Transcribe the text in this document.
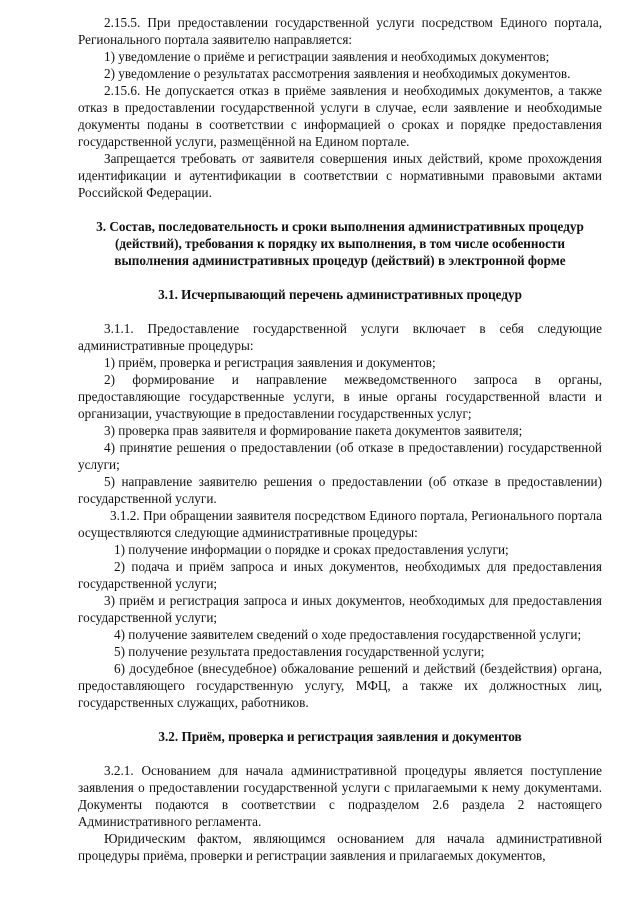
2.15.5. При предоставлении государственной услуги посредством Единого портала, Регионального портала заявителю направляется:

1) уведомление о приёме и регистрации заявления и необходимых документов;

2) уведомление о результатах рассмотрения заявления и необходимых документов.

2.15.6. Не допускается отказ в приёме заявления и необходимых документов, а также отказ в предоставлении государственной услуги в случае, если заявление и необходимые документы поданы в соответствии с информацией о сроках и порядке предоставления государственной услуги, размещённой на Едином портале.

Запрещается требовать от заявителя совершения иных действий, кроме прохождения идентификации и аутентификации в соответствии с нормативными правовыми актами Российской Федерации.

3. Состав, последовательность и сроки выполнения административных процедур (действий), требования к порядку их выполнения, в том числе особенности выполнения административных процедур (действий) в электронной форме

3.1. Исчерпывающий перечень административных процедур

3.1.1. Предоставление государственной услуги включает в себя следующие административные процедуры:

1) приём, проверка и регистрация заявления и документов;

2) формирование и направление межведомственного запроса в органы, предоставляющие государственные услуги, в иные органы государственной власти и организации, участвующие в предоставлении государственных услуг;

3) проверка прав заявителя и формирование пакета документов заявителя;

4) принятие решения о предоставлении (об отказе в предоставлении) государственной услуги;

5) направление заявителю решения о предоставлении (об отказе в предоставлении) государственной услуги.

3.1.2. При обращении заявителя посредством Единого портала, Регионального портала осуществляются следующие административные процедуры:

1) получение информации о порядке и сроках предоставления услуги;

2) подача и приём запроса и иных документов, необходимых для предоставления государственной услуги;

3) приём и регистрация запроса и иных документов, необходимых для предоставления государственной услуги;

4) получение заявителем сведений о ходе предоставления государственной услуги;

5) получение результата предоставления государственной услуги;

6) досудебное (внесудебное) обжалование решений и действий (бездействия) органа, предоставляющего государственную услугу, МФЦ, а также их должностных лиц, государственных служащих, работников.

3.2. Приём, проверка и регистрация заявления и документов

3.2.1. Основанием для начала административной процедуры является поступление заявления о предоставлении государственной услуги с прилагаемыми к нему документами. Документы подаются в соответствии с подразделом 2.6 раздела 2 настоящего Административного регламента.

Юридическим фактом, являющимся основанием для начала административной процедуры приёма, проверки и регистрации заявления и прилагаемых документов,
